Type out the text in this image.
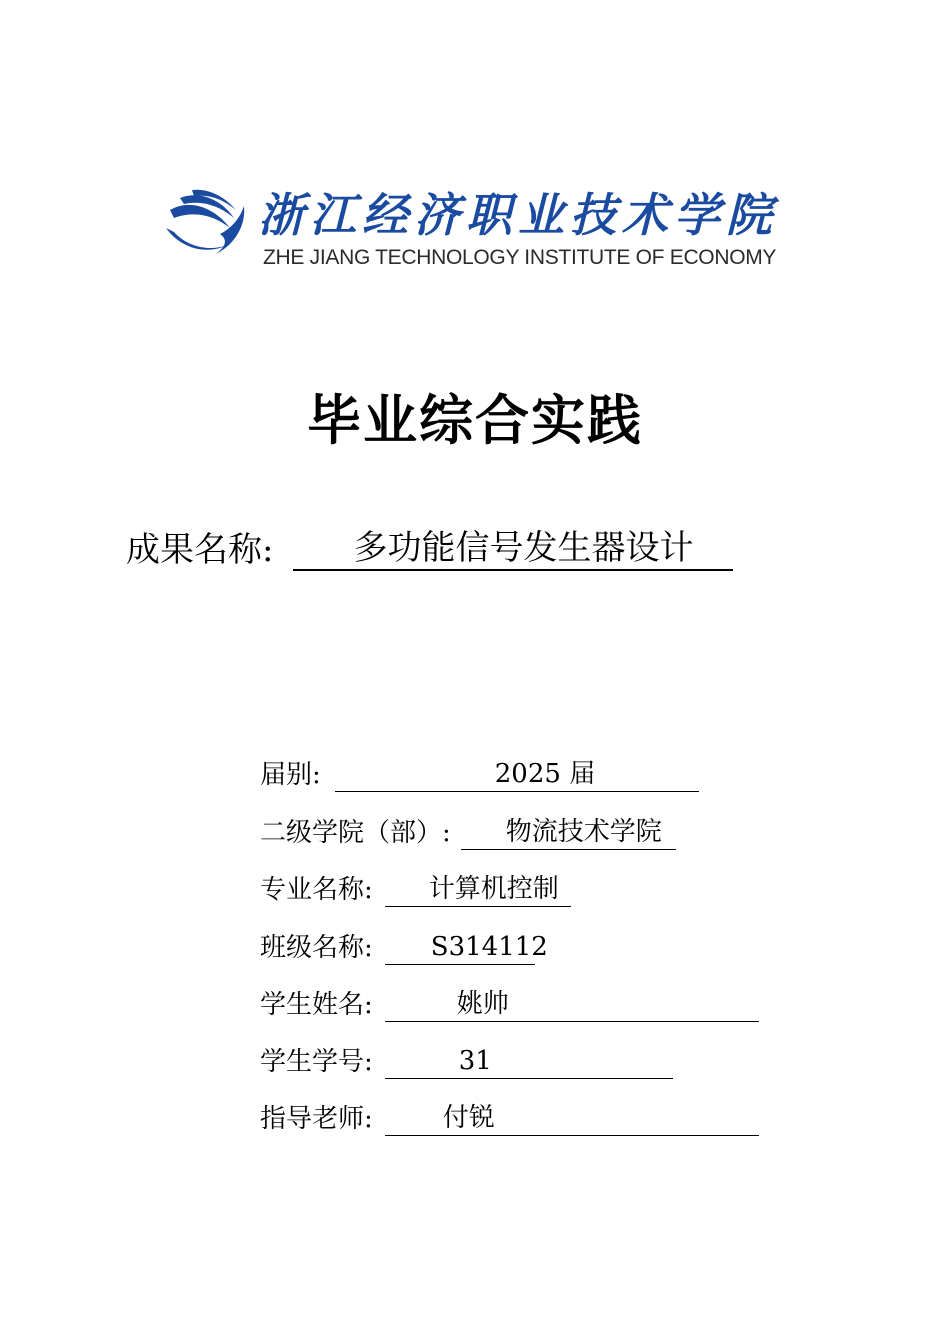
浙江经济职业技术学院
ZHE JIANG TECHNOLOGY INSTITUTE OF ECONOMY
毕业综合实践
成果名称:	多功能信号发生器设计
届别:	2025 届
二级学院（部）:	物流技术学院
专业名称:	计算机控制
班级名称:	S314112
学生姓名:	姚帅
学生学号:	31
指导老师:	付锐
